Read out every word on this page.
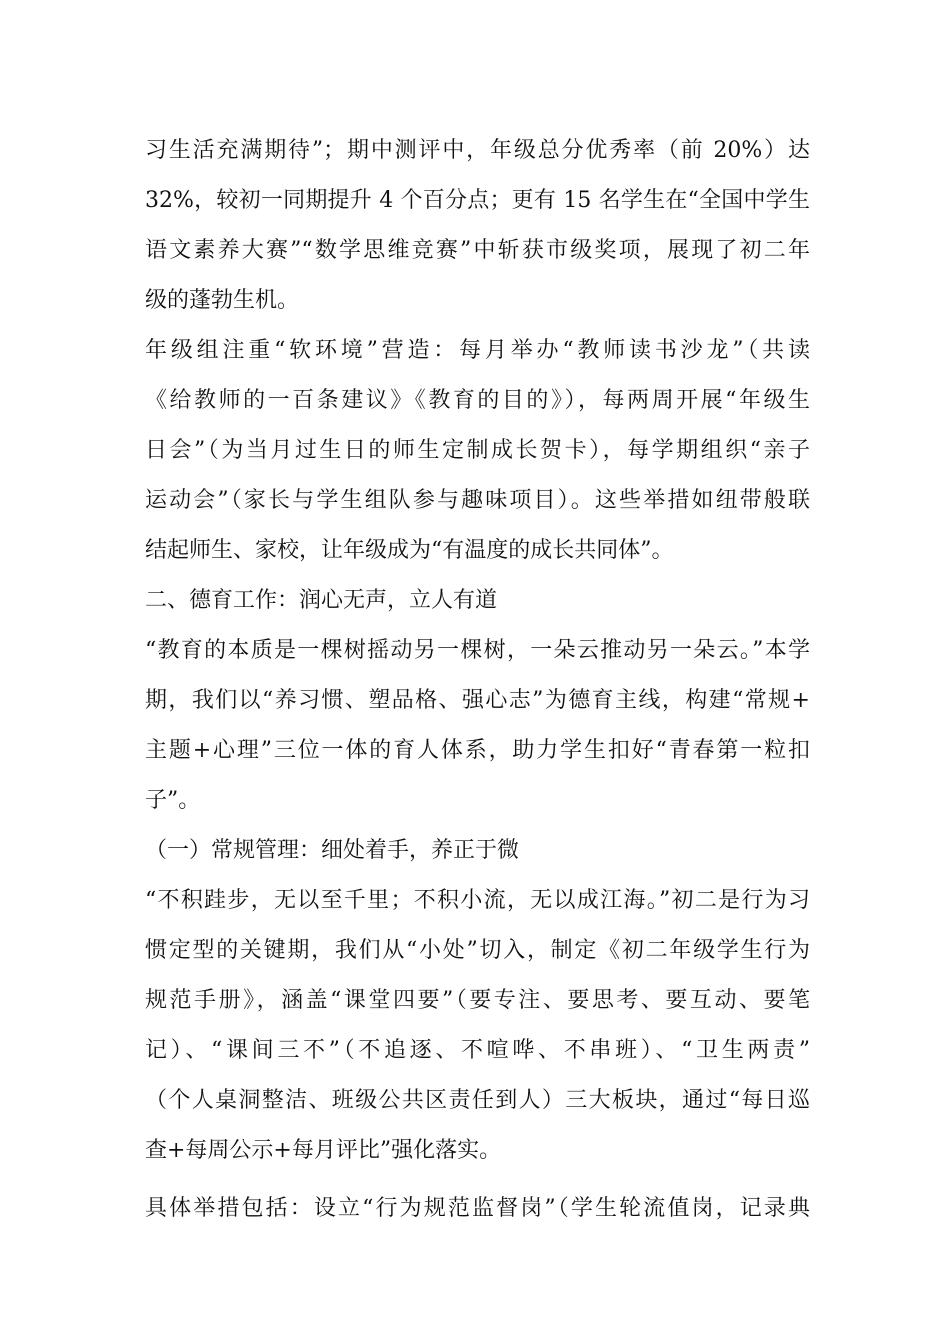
习生活充满期待”；期中测评中，年级总分优秀率（前 20%）达
32%，较初一同期提升 4 个百分点；更有 15 名学生在“全国中学生
语文素养大赛”“数学思维竞赛”中斩获市级奖项，展现了初二年
级的蓬勃生机。
年级组注重“软环境”营造：每月举办“教师读书沙龙”（共读
《给教师的一百条建议》《教育的目的》），每两周开展“年级生
日会”（为当月过生日的师生定制成长贺卡），每学期组织“亲子
运动会”（家长与学生组队参与趣味项目）。这些举措如纽带般联
结起师生、家校，让年级成为“有温度的成长共同体”。
二、德育工作：润心无声，立人有道
“教育的本质是一棵树摇动另一棵树，一朵云推动另一朵云。”本学
期，我们以“养习惯、塑品格、强心志”为德育主线，构建“常规+
主题+心理”三位一体的育人体系，助力学生扣好“青春第一粒扣
子”。
（一）常规管理：细处着手，养正于微
“不积跬步，无以至千里；不积小流，无以成江海。”初二是行为习
惯定型的关键期，我们从“小处”切入，制定《初二年级学生行为
规范手册》，涵盖“课堂四要”（要专注、要思考、要互动、要笔
记）、“课间三不”（不追逐、不喧哗、不串班）、“卫生两责”
（个人桌洞整洁、班级公共区责任到人）三大板块，通过“每日巡
查+每周公示+每月评比”强化落实。
具体举措包括：设立“行为规范监督岗”（学生轮流值岗，记录典
